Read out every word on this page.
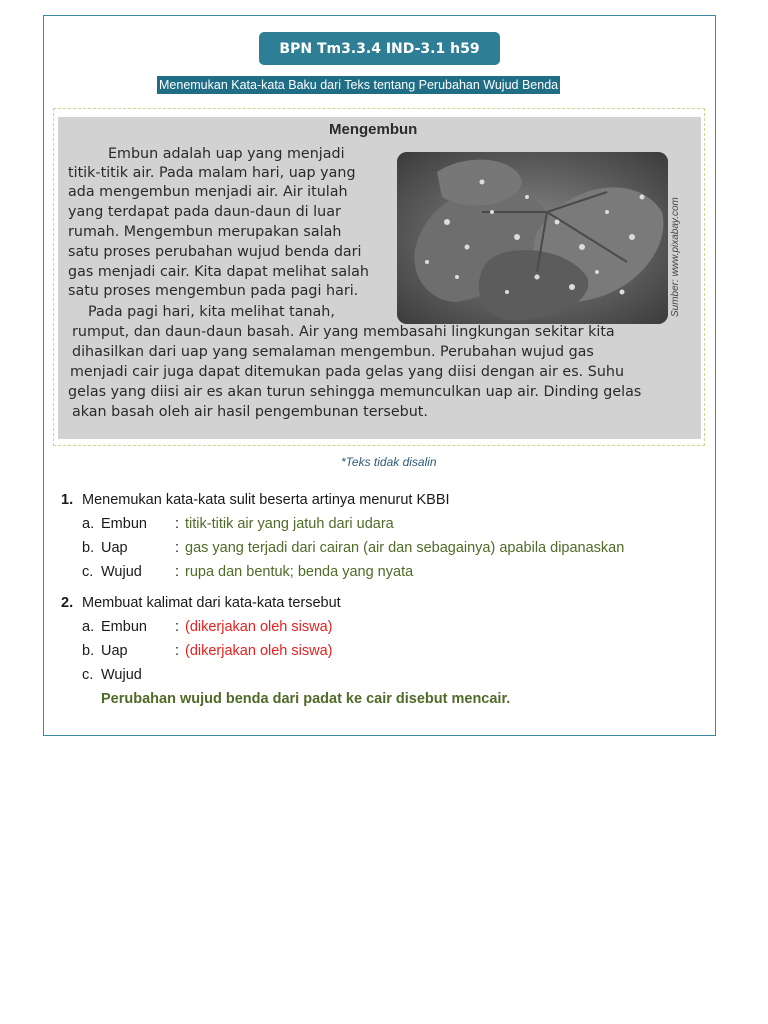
BPN Tm3.3.4 IND-3.1 h59
Menemukan Kata-kata Baku dari Teks tentang Perubahan Wujud Benda
Mengembun
Embun adalah uap yang menjadi
titik-titik air. Pada malam hari, uap yang
ada mengembun menjadi air. Air itulah
yang terdapat pada daun-daun di luar
rumah. Mengembun merupakan salah
satu proses perubahan wujud benda dari
gas menjadi cair. Kita dapat melihat salah
satu proses mengembun pada pagi hari.
Pada pagi hari, kita melihat tanah,
rumput, dan daun-daun basah. Air yang membasahi lingkungan sekitar kita
dihasilkan dari uap yang semalaman mengembun. Perubahan wujud gas
menjadi cair juga dapat ditemukan pada gelas yang diisi dengan air es. Suhu
gelas yang diisi air es akan turun sehingga memunculkan uap air. Dinding gelas
akan basah oleh air hasil pengembunan tersebut.
Sumber: www.pixabay.com
*Teks tidak disalin
1. Menemukan kata-kata sulit beserta artinya menurut KBBI
a. Embun : titik-titik air yang jatuh dari udara
b. Uap	: gas yang terjadi dari cairan (air dan sebagainya) apabila dipanaskan
c. Wujud : rupa dan bentuk; benda yang nyata
2. Membuat kalimat dari kata-kata tersebut
a. Embun : (dikerjakan oleh siswa)
b. Uap	: (dikerjakan oleh siswa)
c. Wujud
Perubahan wujud benda dari padat ke cair disebut mencair.
